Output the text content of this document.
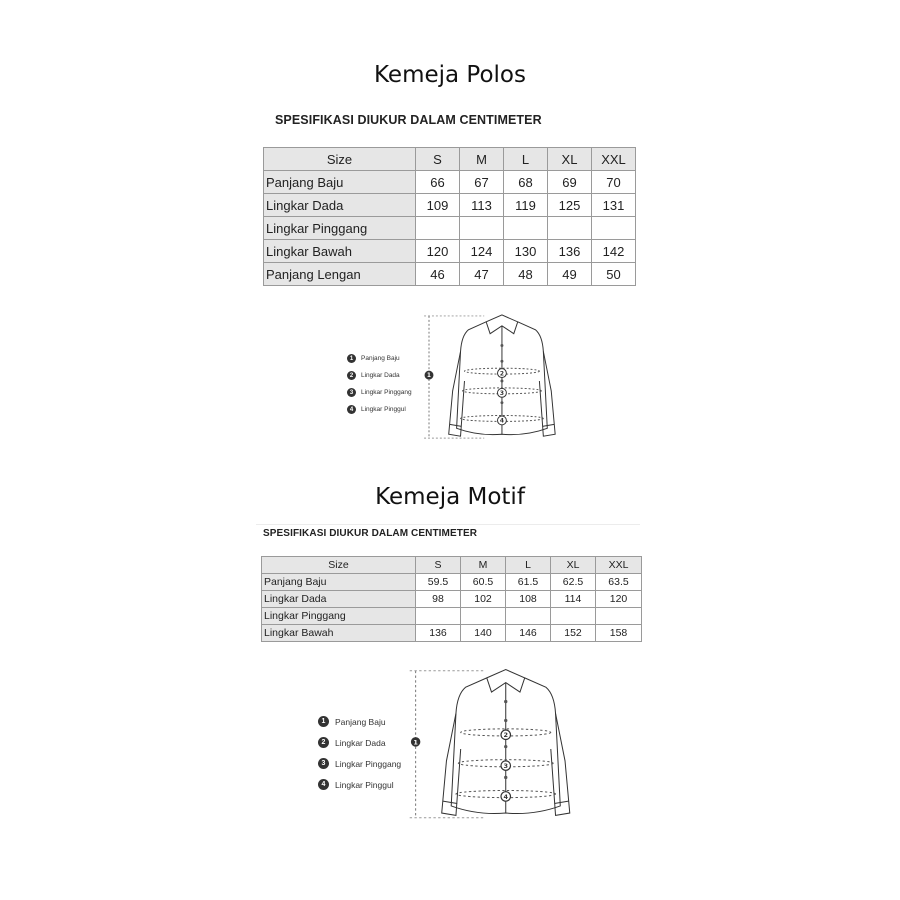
Kemeja Polos
SPESIFIKASI DIUKUR DALAM CENTIMETER
Size	S	M	L	XL	XXL
Panjang Baju	66	67	68	69	70
Lingkar Dada	109	113	119	125	131
Lingkar Pinggang					
Lingkar Bawah	120	124	130	136	142
Panjang Lengan	46	47	48	49	50
1	Panjang Baju
2	Lingkar Dada
3	Lingkar Pinggang
4	Lingkar Pinggul
1	2
3
4
Kemeja Motif
SPESIFIKASI DIUKUR DALAM CENTIMETER
Size	S	M	L	XL	XXL
Panjang Baju	59.5	60.5	61.5	62.5	63.5
Lingkar Dada	98	102	108	114	120
Lingkar Pinggang					
Lingkar Bawah	136	140	146	152	158
1	Panjang Baju
2	Lingkar Dada
3	Lingkar Pinggang
4	Lingkar Pinggul
1
2
3
4
